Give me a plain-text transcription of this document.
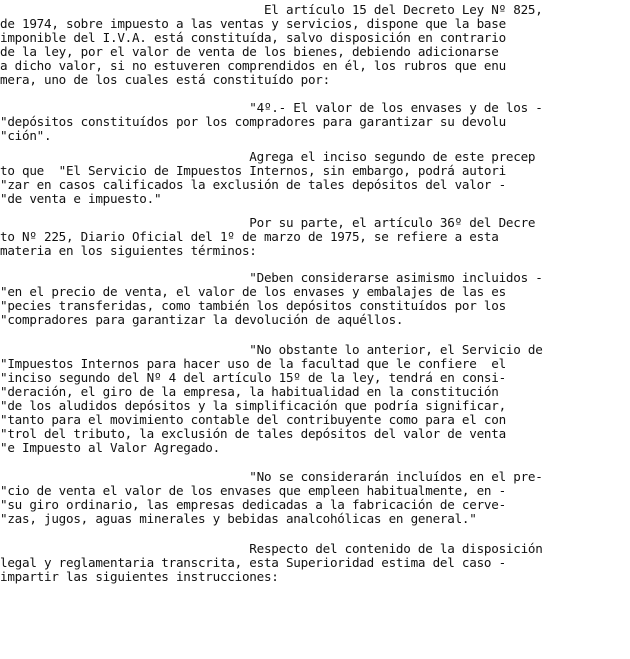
El artículo 15 del Decreto Ley Nº 825,
de 1974, sobre impuesto a las ventas y servicios, dispone que la base
imponible del I.V.A. está constituída, salvo disposición en contrario
de la ley, por el valor de venta de los bienes, debiendo adicionarse
a dicho valor, si no estuveren comprendidos en él, los rubros que enu
mera, uno de los cuales está constituído por:
"4º.- El valor de los envases y de los -
"depósitos constituídos por los compradores para garantizar su devolu
"ción".
Agrega el inciso segundo de este precep
to que  "El Servicio de Impuestos Internos, sin embargo, podrá autori
"zar en casos calificados la exclusión de tales depósitos del valor -
"de venta e impuesto."
Por su parte, el artículo 36º del Decre
to Nº 225, Diario Oficial del 1º de marzo de 1975, se refiere a esta
materia en los siguientes términos:
"Deben considerarse asimismo incluidos -
"en el precio de venta, el valor de los envases y embalajes de las es
"pecies transferidas, como también los depósitos constituídos por los
"compradores para garantizar la devolución de aquéllos.
"No obstante lo anterior, el Servicio de
"Impuestos Internos para hacer uso de la facultad que le confiere  el
"inciso segundo del Nº 4 del artículo 15º de la ley, tendrá en consi-
"deración, el giro de la empresa, la habitualidad en la constitución
"de los aludidos depósitos y la simplificación que podría significar,
"tanto para el movimiento contable del contribuyente como para el con
"trol del tributo, la exclusión de tales depósitos del valor de venta
"e Impuesto al Valor Agregado.
"No se considerarán incluídos en el pre-
"cio de venta el valor de los envases que empleen habitualmente, en -
"su giro ordinario, las empresas dedicadas a la fabricación de cerve-
"zas, jugos, aguas minerales y bebidas analcohólicas en general."
Respecto del contenido de la disposición
legal y reglamentaria transcrita, esta Superioridad estima del caso -
impartir las siguientes instrucciones:
